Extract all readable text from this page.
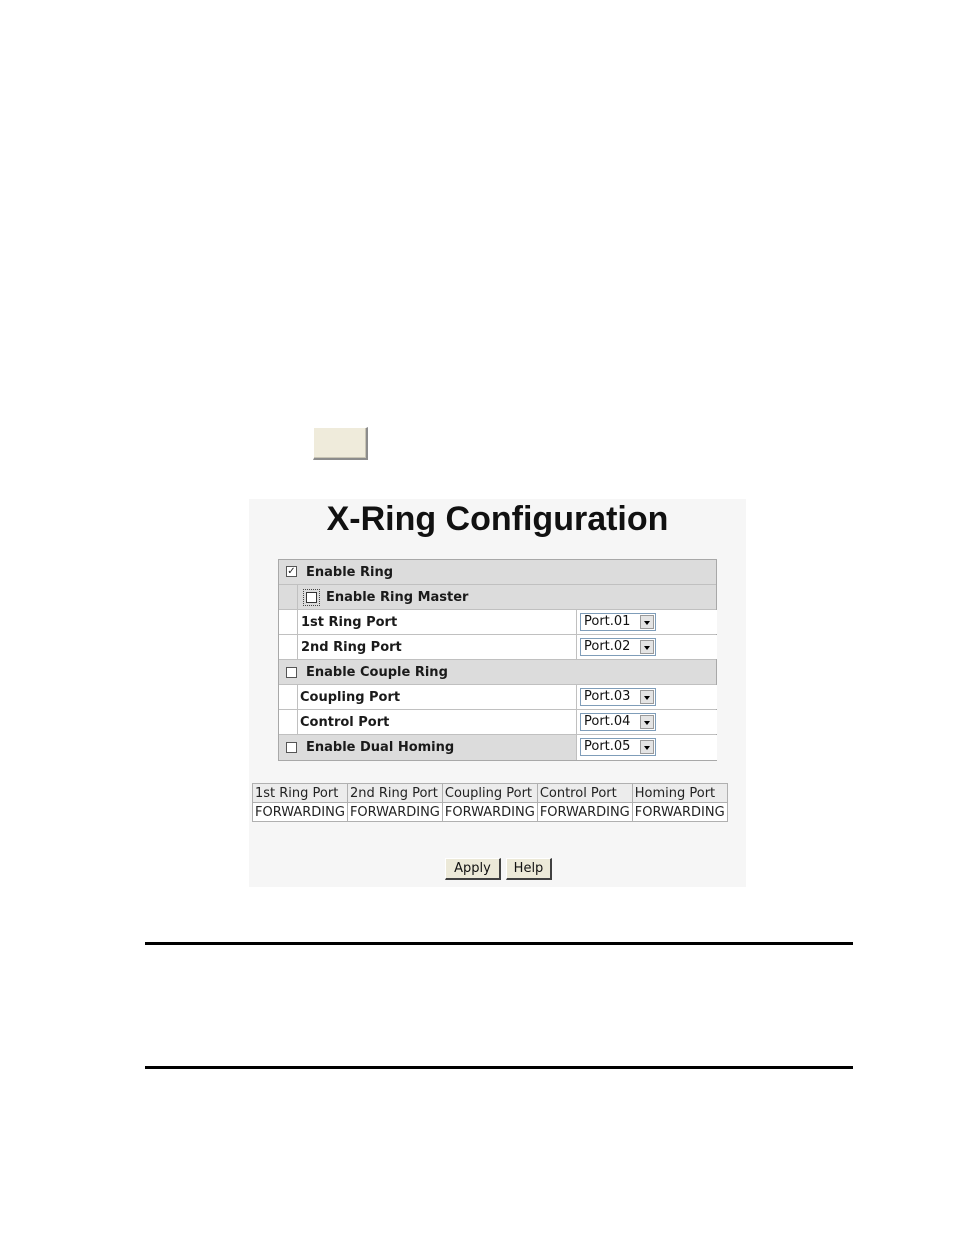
X-Ring Configuration
✓ Enable Ring
Enable Ring Master
1st Ring Port	Port.01
2nd Ring Port	Port.02
Enable Couple Ring
Coupling Port	Port.03
Control Port	Port.04
Enable Dual Homing	Port.05
1st Ring Port	2nd Ring Port	Coupling Port	Control Port	Homing Port
FORWARDING	FORWARDING	FORWARDING	FORWARDING	FORWARDING
Apply	Help
